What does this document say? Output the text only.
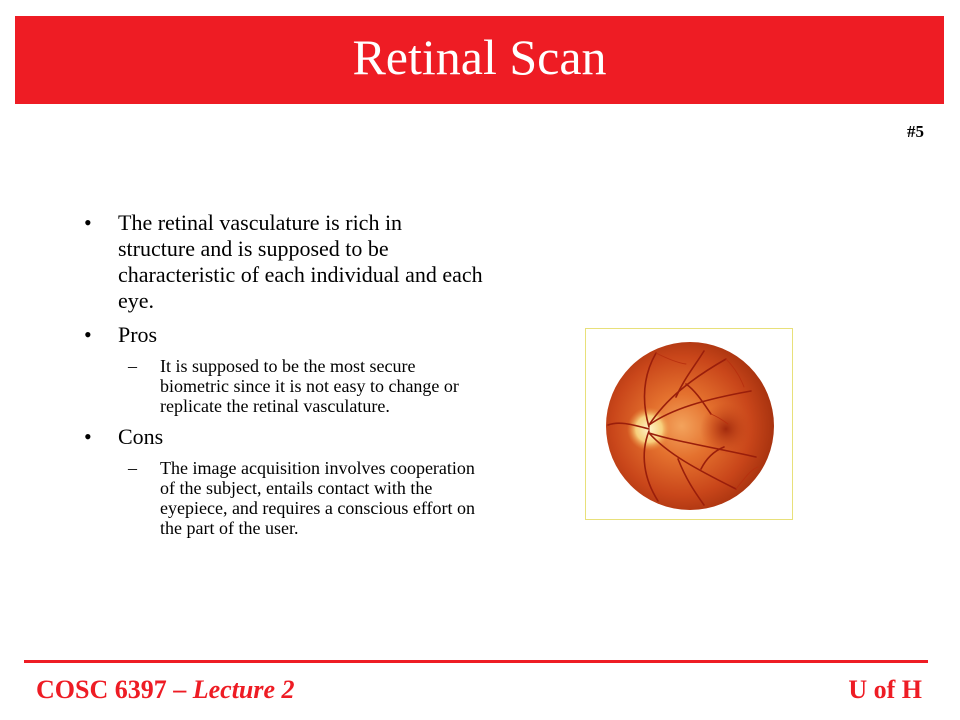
Retinal Scan
#5
• The retinal vasculature is rich in structure and is supposed to be characteristic of each individual and each eye.
• Pros
– It is supposed to be the most secure biometric since it is not easy to change or replicate the retinal vasculature.
• Cons
– The image acquisition involves cooperation of the subject, entails contact with the eyepiece, and requires a conscious effort on the part of the user.
COSC 6397 – Lecture 2	U of H
